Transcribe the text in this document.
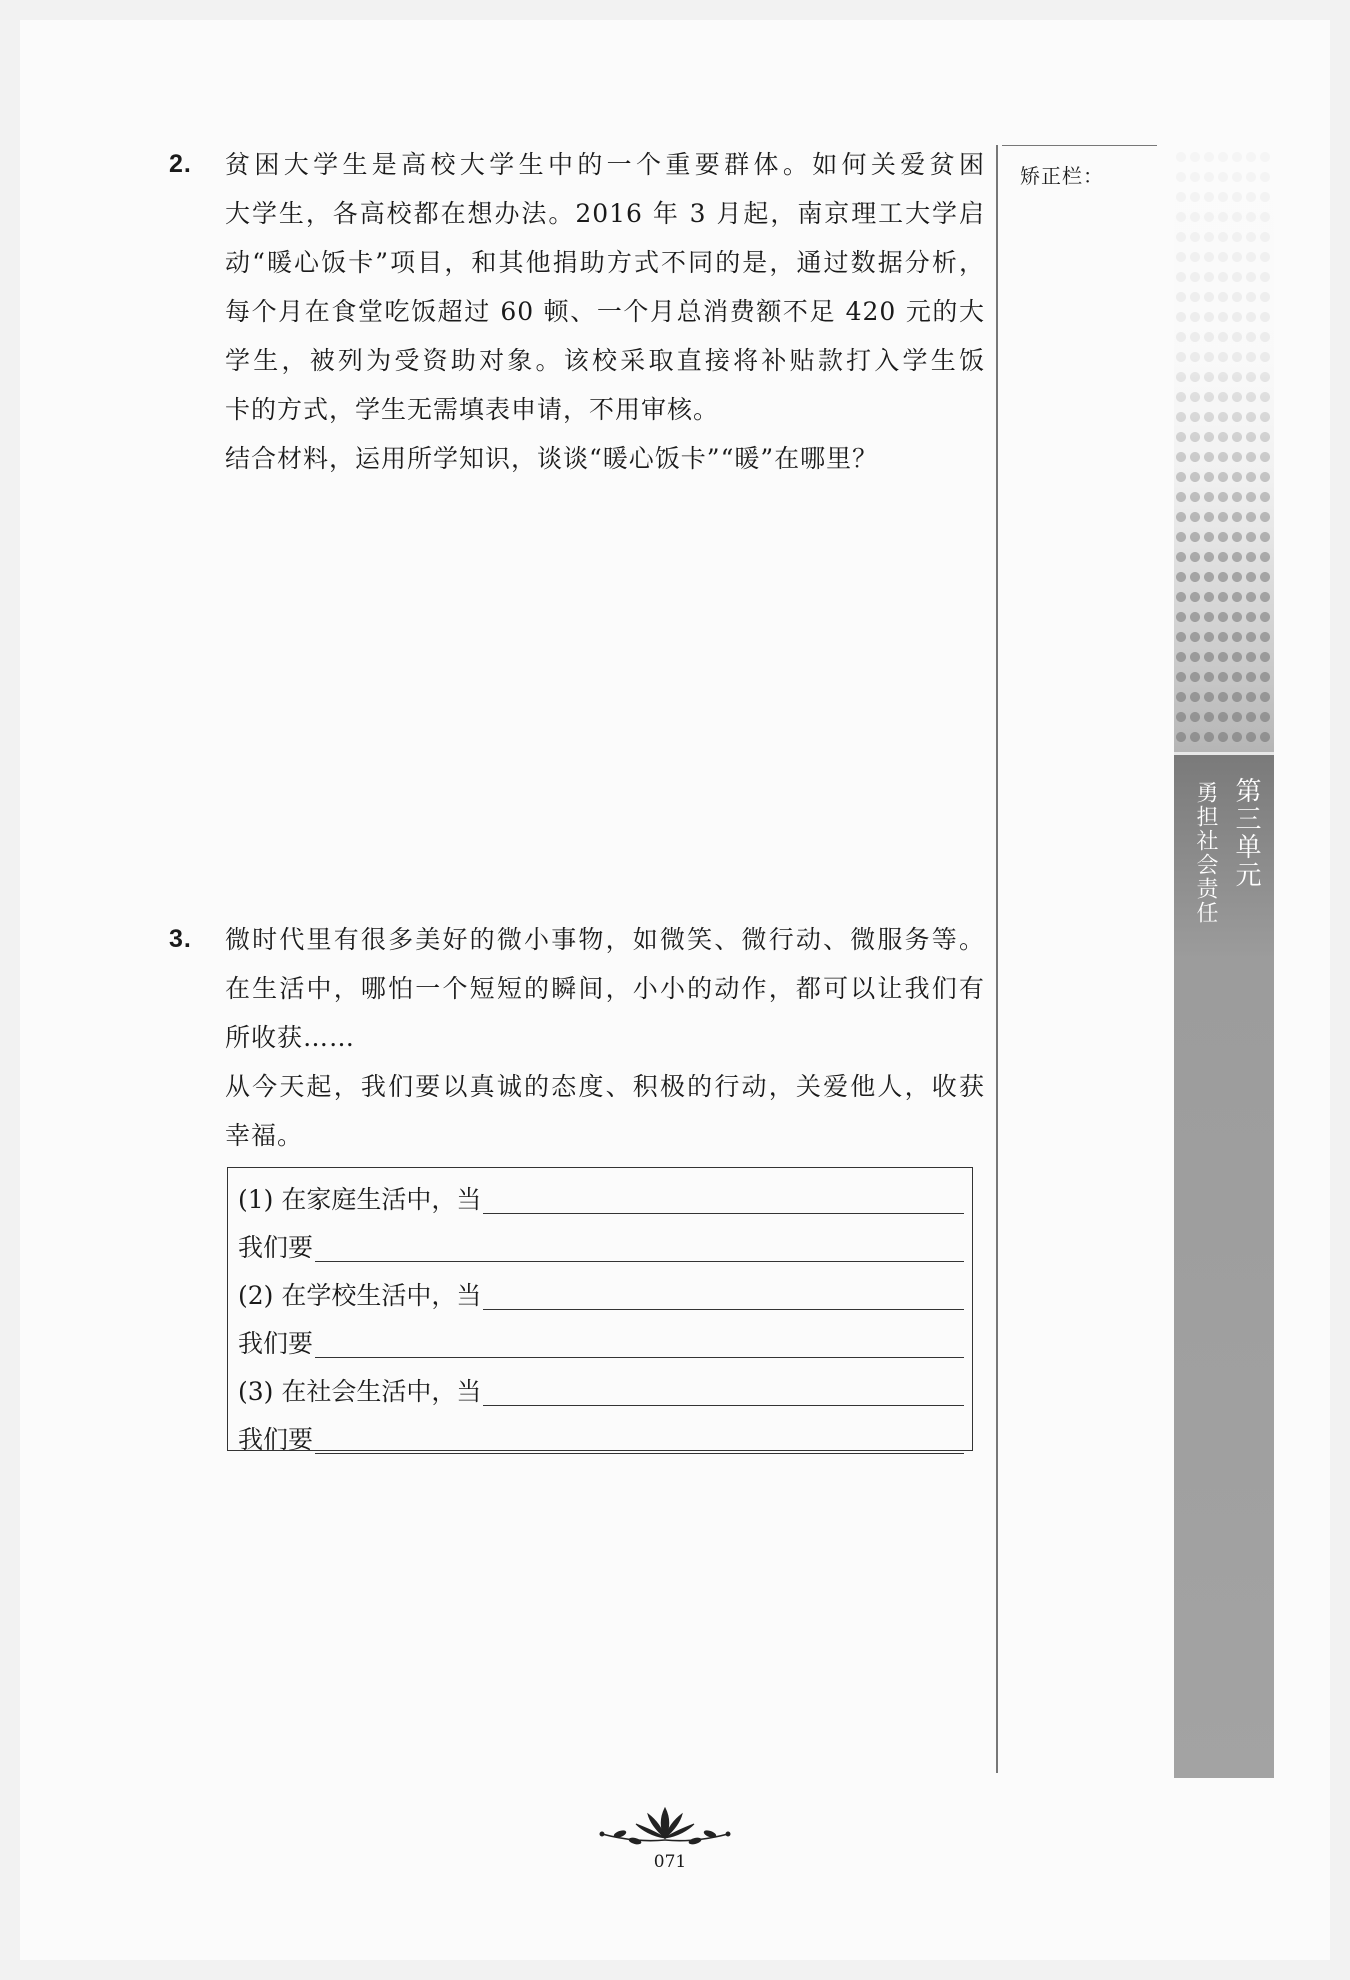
2.	贫困大学生是高校大学生中的一个重要群体。如何关爱贫困
大学生，各高校都在想办法。2016 年 3 月起，南京理工大学启
动“暖心饭卡”项目，和其他捐助方式不同的是，通过数据分析，
每个月在食堂吃饭超过 60 顿、一个月总消费额不足 420 元的大
学生，被列为受资助对象。该校采取直接将补贴款打入学生饭
卡的方式，学生无需填表申请，不用审核。
结合材料，运用所学知识，谈谈“暖心饭卡”“暖”在哪里？
3.	微时代里有很多美好的微小事物，如微笑、微行动、微服务等。
在生活中，哪怕一个短短的瞬间，小小的动作，都可以让我们有
所收获……
从今天起，我们要以真诚的态度、积极的行动，关爱他人，收获
幸福。
(1) 在家庭生活中，当
我们要
(2) 在学校生活中，当
我们要
(3) 在社会生活中，当
我们要
矫正栏：
第三单元
勇担社会责任
071
